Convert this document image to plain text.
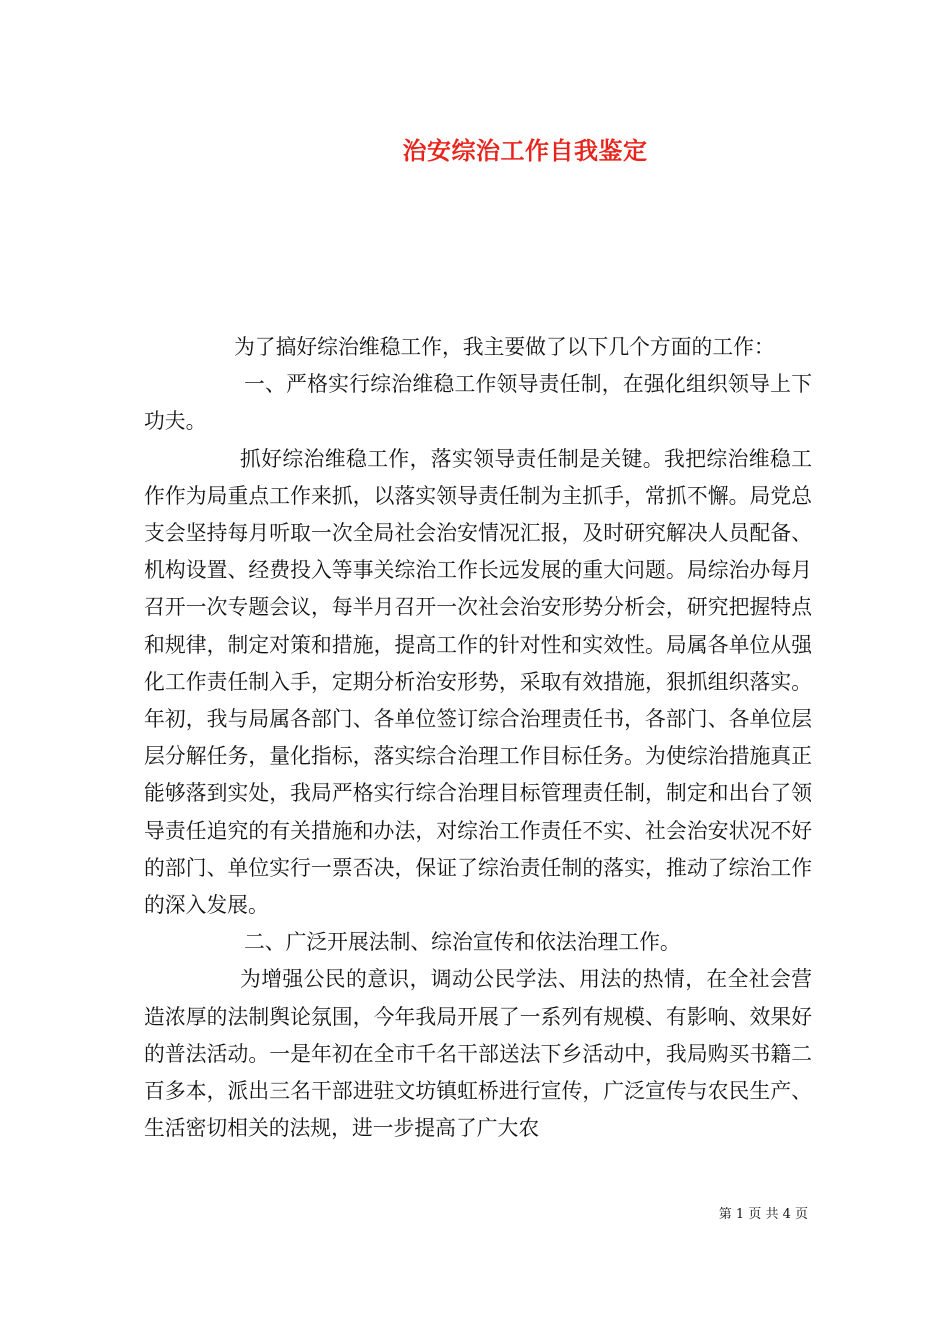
治安综治工作自我鉴定

为了搞好综治维稳工作，我主要做了以下几个方面的工作：

一、严格实行综治维稳工作领导责任制，在强化组织领导上下功夫。

抓好综治维稳工作，落实领导责任制是关键。我把综治维稳工作作为局重点工作来抓，以落实领导责任制为主抓手，常抓不懈。局党总支会坚持每月听取一次全局社会治安情况汇报，及时研究解决人员配备、机构设置、经费投入等事关综治工作长远发展的重大问题。局综治办每月召开一次专题会议，每半月召开一次社会治安形势分析会，研究把握特点和规律，制定对策和措施，提高工作的针对性和实效性。局属各单位从强化工作责任制入手，定期分析治安形势，采取有效措施，狠抓组织落实。年初，我与局属各部门、各单位签订综合治理责任书，各部门、各单位层层分解任务，量化指标，落实综合治理工作目标任务。为使综治措施真正能够落到实处，我局严格实行综合治理目标管理责任制，制定和出台了领导责任追究的有关措施和办法，对综治工作责任不实、社会治安状况不好的部门、单位实行一票否决，保证了综治责任制的落实，推动了综治工作的深入发展。

二、广泛开展法制、综治宣传和依法治理工作。

为增强公民的意识，调动公民学法、用法的热情，在全社会营造浓厚的法制舆论氛围，今年我局开展了一系列有规模、有影响、效果好的普法活动。一是年初在全市千名干部送法下乡活动中，我局购买书籍二百多本，派出三名干部进驻文坊镇虹桥进行宣传，广泛宣传与农民生产、生活密切相关的法规，进一步提高了广大农

第 1 页 共 4 页
